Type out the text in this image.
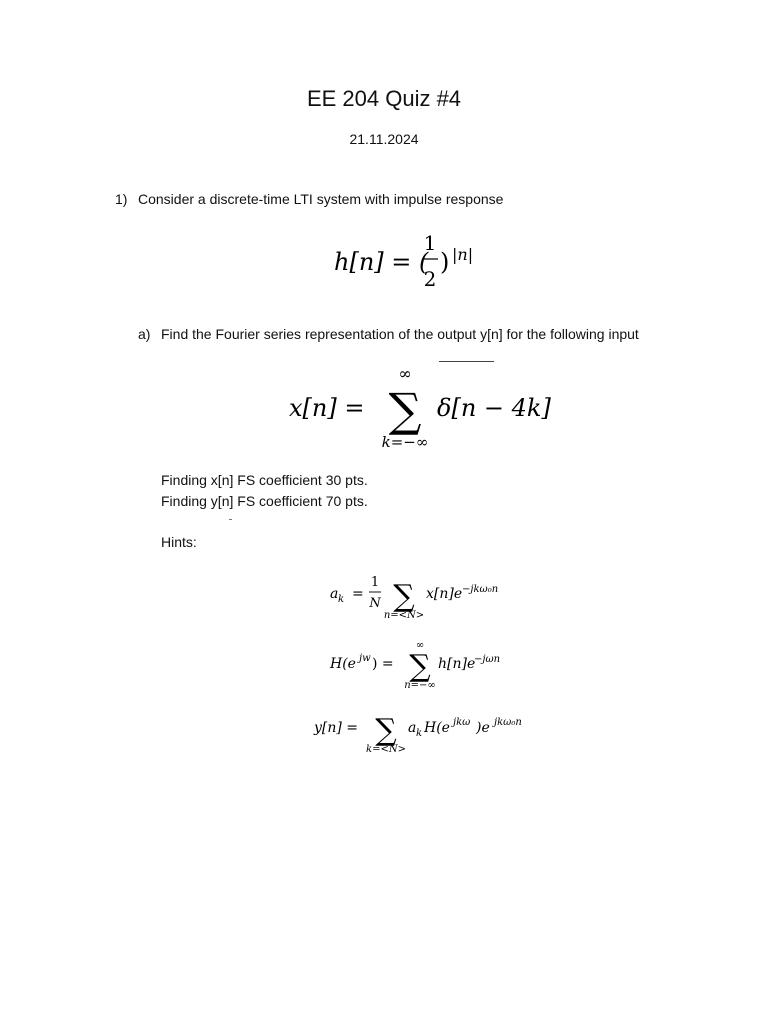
EE 204 Quiz #4
21.11.2024
1) Consider a discrete-time LTI system with impulse response
h[n] = (
1
2
) |n|
a) Find the Fourier series representation of the output y[n] for the following input
x[n] =
∞
∑
k=−∞
δ[n − 4k]
Finding x[n] FS coefficient 30 pts.
Finding y[n] FS coefficient 70 pts.
Hints:
a k =
1
N ∑
n=<N>
x[n]e −jkω₀n
H(e jw ) =
∞
∑
n=−∞
h[n]e
−jωn
y[n] = ∑
k=<N>
a k H(e jkω )e jkω₀n
